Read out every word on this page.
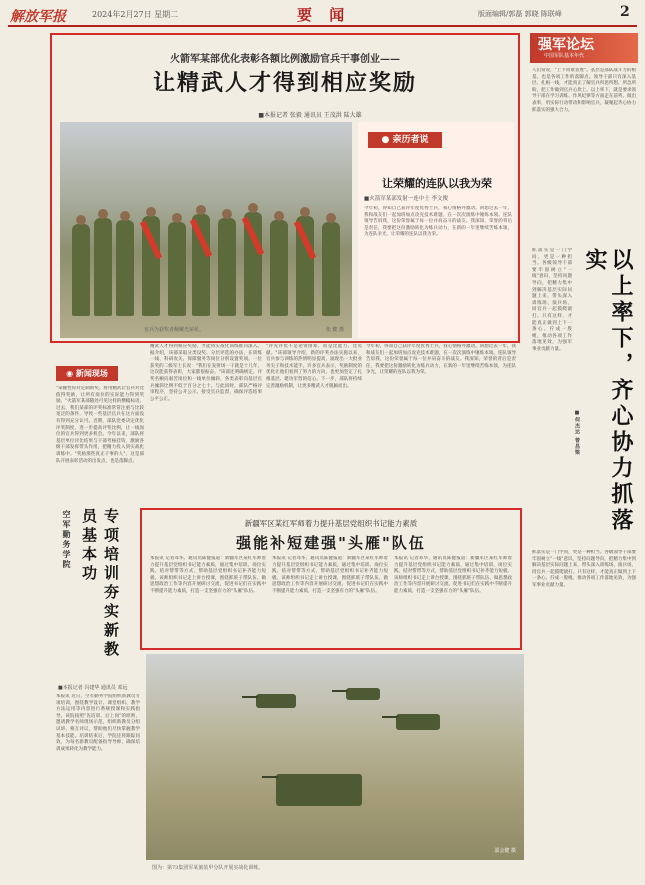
解放军报	2024年2月27日 星期二	要 闻	版面编辑/郭磊 郭晓 陈联峰	2
火箭军某部优化表彰各额比例激励官兵干事创业——
让精武人才得到相应奖励
■本报记者 张毅 通讯员 王茂洪 陆大雄
官兵为获奖者佩戴光荣花。	张 健 摄
● 亲历者说
让荣耀的连队以我为荣
■火箭军某部发射一连中士 李文俊
今年初，得知自己获评年度优秀士兵，我心情格外激动。回想过去一年，我和战友们一起加班加点攻克技术难题，在一次次演练中锤炼本领。连队领导告诉我，这份荣誉属于每一位并肩奋斗的战友。我深知，荣誉的背后是责任，我要把这份激励转化为练兵动力，在新的一年里继续苦练本领，为连队争光，让荣耀的连队以我为荣。
◉ 新闻现场
"掌握性你对定制新奖，将用精武让官兵对比值得奖励，让所有岗位的实际能力得到奖励。"火箭军某部随处可见这样的横幅标语。过去，我们某部的评奖标准常常注重与比较宽泛的条件，导致一些基层官兵在这方面没有得到充分认可。近期，部队党委决定优化评奖制度，进一步提高评奖比例，让一线岗位的官兵得到更多机会。今年以来，部队将基层单位评比结果与干部考核挂钩，激励各级干部发挥带头作用，把精力投入到实战化训练中。"奖励那些真正干事的人"，这是部队开展表彰活动的出发点，也是落脚点。
精武人才得到相应奖励，才能将实战化训练推向深入。据介绍，该部采取分类设奖、分层评选的办法，在训练一线、科研攻关、保障服务等岗位分别设置奖项。一位获奖的二级军士长说："我们在发射场一干就是十几年，这次能获得表彰，大家都很振奋。"该部还明确规定，评奖名额向艰苦岗位和一线单位倾斜，各类表彰向基层官兵倾斜比例不低于百分之七十。与此同时，部队严格评审程序，坚持公开公示，接受官兵监督，确保评选结果公平公正。
"评先评优不是论资排辈，而是比能力、比贡献。"该部领导介绍，新的评奖办法实施以来，官兵参与训练的热情明显提高，涌现出一大批业务尖子和技术能手。许多官兵表示，奖励制度的优化让他们看到了努力的方向，也更加坚定了扎根基层、建功军营的信心。下一步，部队将持续完善激励机制，让更多精武人才脱颖而出。
今年初，得知自己获评年度优秀士兵，我心情格外激动。回想过去一年，我和战友们一起加班加点攻克技术难题，在一次次演练中锤炼本领。连队领导告诉我，这份荣誉属于每一位并肩奋斗的战友。我深知，荣誉的背后是责任，我要把这份激励转化为练兵动力，在新的一年里继续苦练本领，为连队争光，让荣耀的连队以我为荣。
强军论坛
中国军队基本年代
人们常说，"上下同欲者胜"。基层是部队战斗力的根基，也是各项工作的落脚点。领导干部只有深入基层、扎根一线，才能真正了解官兵所思所想、所急所盼，把工作做到官兵心坎上。以上率下，就是要求领导干部在学习训练、作风纪律等方面走在前列、做出表率，用实际行动带动和影响官兵，凝聚起齐心协力抓落实的强大合力。
以上率下，齐心协力抓落实
■何杰达 曾昌梁
抓落实是一门学问，更是一种担当。各级领导干部要牢固树立"一线"意识，坚持问题导向，把精力集中到解决基层实际问题上来，带头深入训练场、演兵场，同官兵一起摸爬滚打。只有这样，才能真正做到上下一条心、拧成一股绳，推动各项工作落地见效，为强军事业贡献力量。
抓落实是一门学问，更是一种担当。各级领导干部要牢固树立"一线"意识，坚持问题导向，把精力集中到解决基层实际问题上来，带头深入训练场、演兵场，同官兵一起摸爬滚打。只有这样，才能真正做到上下一条心、拧成一股绳，推动各项工作落地见效，为强军事业贡献力量。
空军勤务学院	专项培训夯实新教员基本功
■本报记者 冯建华 通讯员 邓远
本报讯 近日，空军勤务学院组织新教员专项培训，围绕教学设计、课堂组织、教学方法运用等内容进行系统授课和实践指导。该院按照"先培训、后上岗"的原则，邀请教学名师现场示范，组织新教员分组试讲、相互评议，帮助他们尽快掌握教学基本技能。培训结束后，学院还将跟踪问效，为每名新教员配备指导导师，确保培训成果转化为教学能力。
新疆军区某红军师着力提升基层党组织书记能力素质
强能补短建强"头雁"队伍
本报讯 记者邓华、通讯员陈健报道：新疆军区某红军师着力提升基层党组织书记能力素质，通过集中培训、岗位实践、结对帮带等方式，帮助基层党组织书记补齐能力短板。该师组织书记走上讲台授课，围绕抓班子带队伍、做思想政治工作等内容开展研讨交流，促进书记们在实践中不断提升能力素质，打造一支坚强有力的"头雁"队伍。
本报讯 记者邓华、通讯员陈健报道：新疆军区某红军师着力提升基层党组织书记能力素质，通过集中培训、岗位实践、结对帮带等方式，帮助基层党组织书记补齐能力短板。该师组织书记走上讲台授课，围绕抓班子带队伍、做思想政治工作等内容开展研讨交流，促进书记们在实践中不断提升能力素质，打造一支坚强有力的"头雁"队伍。
本报讯 记者邓华、通讯员陈健报道：新疆军区某红军师着力提升基层党组织书记能力素质，通过集中培训、岗位实践、结对帮带等方式，帮助基层党组织书记补齐能力短板。该师组织书记走上讲台授课，围绕抓班子带队伍、做思想政治工作等内容开展研讨交流，促进书记们在实践中不断提升能力素质，打造一支坚强有力的"头雁"队伍。
邵会健 摄
图为：第73集团军某旅装甲分队开展实战化训练。
